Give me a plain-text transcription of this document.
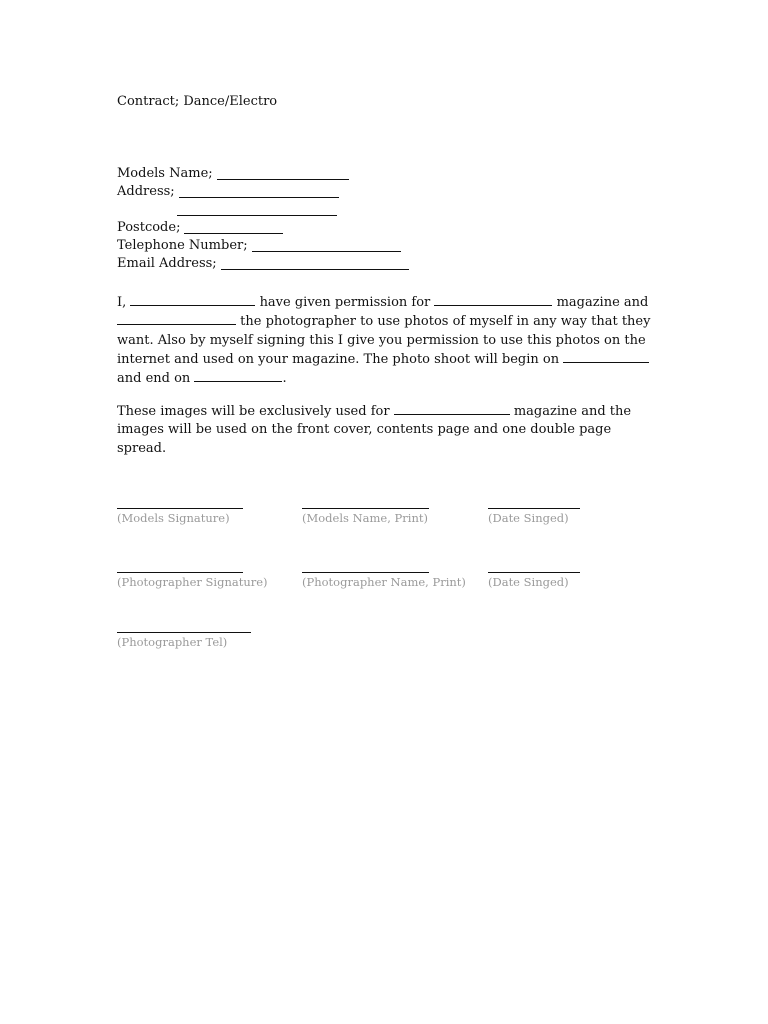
Contract; Dance/Electro
Models Name;
Address;
Postcode;
Telephone Number;
Email Address;
I,	have given permission for	magazine and
the photographer to use photos of myself in any way that they
want. Also by myself signing this I give you permission to use this photos on the
internet and used on your magazine. The photo shoot will begin on
and end on	.
These images will be exclusively used for	magazine and the
images will be used on the front cover, contents page and one double page
spread.
(Models Signature)	(Models Name, Print)	(Date Singed)
(Photographer Signature)	(Photographer Name, Print) (Date Singed)
(Photographer Tel)
